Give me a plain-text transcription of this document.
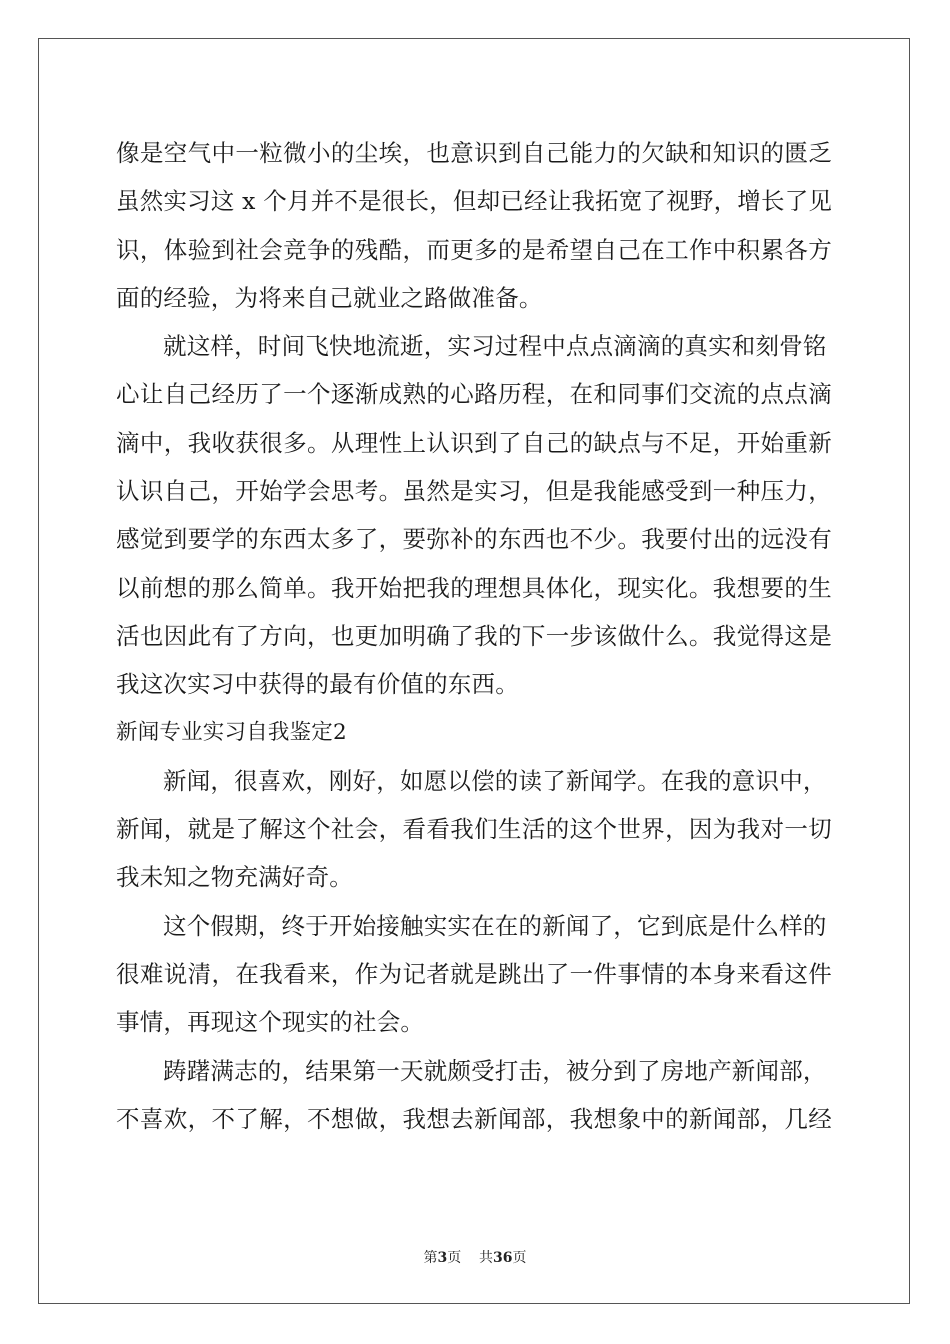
像是空气中一粒微小的尘埃，也意识到自己能力的欠缺和知识的匮乏
虽然实习这 x 个月并不是很长，但却已经让我拓宽了视野，增长了见
识，体验到社会竞争的残酷，而更多的是希望自己在工作中积累各方
面的经验，为将来自己就业之路做准备。
就这样，时间飞快地流逝，实习过程中点点滴滴的真实和刻骨铭
心让自己经历了一个逐渐成熟的心路历程，在和同事们交流的点点滴
滴中，我收获很多。从理性上认识到了自己的缺点与不足，开始重新
认识自己，开始学会思考。虽然是实习，但是我能感受到一种压力，
感觉到要学的东西太多了，要弥补的东西也不少。我要付出的远没有
以前想的那么简单。我开始把我的理想具体化，现实化。我想要的生
活也因此有了方向，也更加明确了我的下一步该做什么。我觉得这是
我这次实习中获得的最有价值的东西。
新闻专业实习自我鉴定2
新闻，很喜欢，刚好，如愿以偿的读了新闻学。在我的意识中，
新闻，就是了解这个社会，看看我们生活的这个世界，因为我对一切
我未知之物充满好奇。
这个假期，终于开始接触实实在在的新闻了，它到底是什么样的
很难说清，在我看来，作为记者就是跳出了一件事情的本身来看这件
事情，再现这个现实的社会。
踌躇满志的，结果第一天就颇受打击，被分到了房地产新闻部，
不喜欢，不了解，不想做，我想去新闻部，我想象中的新闻部，几经
第3页 共36页
